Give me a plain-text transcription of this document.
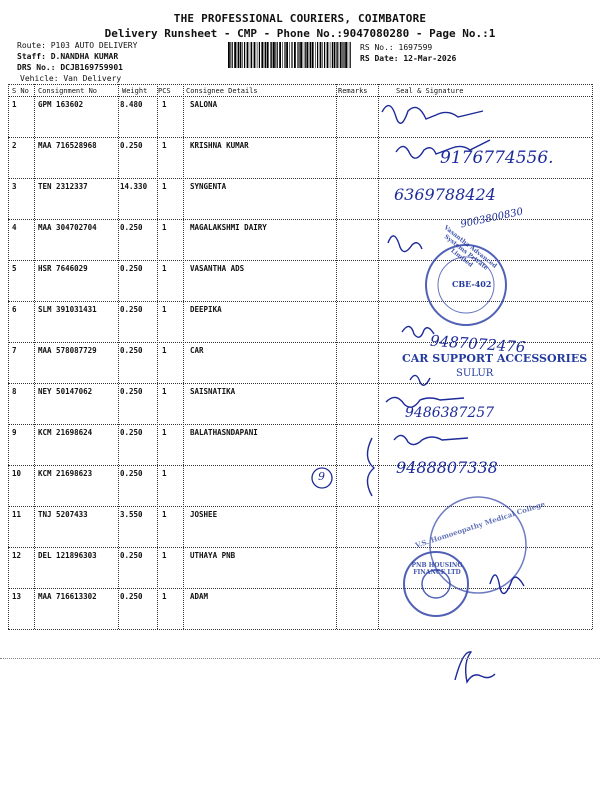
THE PROFESSIONAL COURIERS, COIMBATORE
Delivery Runsheet - CMP - Phone No.:9047080280 - Page No.:1
Route: P103 AUTO DELIVERY
Staff: D.NANDHA KUMAR
DRS No.: DCJB169759901
Vehicle: Van Delivery
RS No.: 1697599
RS Date: 12-Mar-2026
S No Consignment No	Weight PCS Consignee Details	Remarks	Seal & Signature
1	GPM 163602	8.480	1	SALONA
2	MAA 716528968	0.250	1	KRISHNA KUMAR
3	TEN 2312337	14.330 1	SYNGENTA
4	MAA 304702704	0.250	1	MAGALAKSHMI DAIRY
5	HSR 7646029	0.250	1	VASANTHA ADS
6	SLM 391031431	0.250	1	DEEPIKA
7	MAA 578087729	0.250	1	CAR
8	NEY 50147062	0.250	1	SAISNATIKA
9	KCM 21698624	0.250	1	BALATHASNDAPANI
10 KCM 21698623	0.250	1
11 TNJ 5207433	3.550	1	JOSHEE
12 DEL 121896303	0.250	1	UTHAYA PNB
13 MAA 716613302	0.250	1	ADAM
9176774556.
6369788424
9003800830
9487072476
9486387257
9488807338
9
CAR SUPPORT ACCESSORIES
SULUR
Vasantha Advanced Systems Private Limited
CBE-402
V.S. Homoeopathy Medical College
PNB HOUSING FINANCE LTD
